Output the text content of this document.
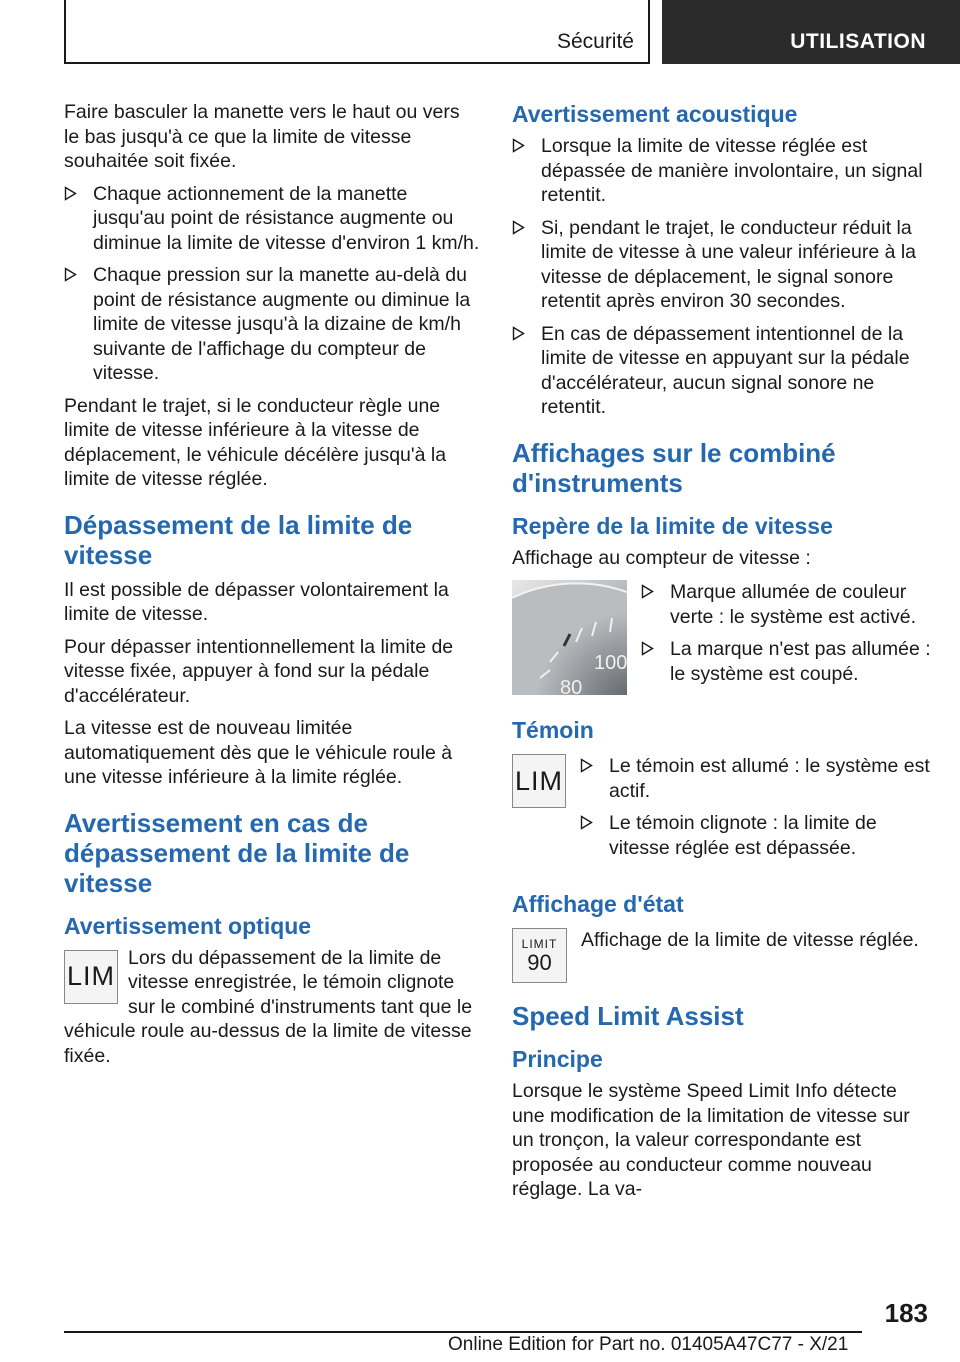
Sécurité	UTILISATION

Faire basculer la manette vers le haut ou vers le bas jusqu'à ce que la limite de vitesse souhaitée soit fixée.

Chaque actionnement de la manette jusqu'au point de résistance augmente ou diminue la limite de vitesse d'environ 1 km/h.
Chaque pression sur la manette au-delà du point de résistance augmente ou diminue la limite de vitesse jusqu'à la dizaine de km/h suivante de l'affichage du compteur de vitesse.

Pendant le trajet, si le conducteur règle une limite de vitesse inférieure à la vitesse de déplacement, le véhicule décélère jusqu'à la limite de vitesse réglée.

Dépassement de la limite de vitesse

Il est possible de dépasser volontairement la limite de vitesse.

Pour dépasser intentionnellement la limite de vitesse fixée, appuyer à fond sur la pédale d'accélérateur.

La vitesse est de nouveau limitée automatiquement dès que le véhicule roule à une vitesse inférieure à la limite réglée.

Avertissement en cas de dépassement de la limite de vitesse
Avertissement optique
LIM

Lors du dépassement de la limite de vitesse enregistrée, le témoin clignote sur le combiné d'instruments tant que le véhicule roule au-dessus de la limite de vitesse fixée.

Avertissement acoustique
Lorsque la limite de vitesse réglée est dépassée de manière involontaire, un signal retentit.
Si, pendant le trajet, le conducteur réduit la limite de vitesse à une valeur inférieure à la vitesse de déplacement, le signal sonore retentit après environ 30 secondes.
En cas de dépassement intentionnel de la limite de vitesse en appuyant sur la pédale d'accélérateur, aucun signal sonore ne retentit.
Affichages sur le combiné d'instruments
Repère de la limite de vitesse

Affichage au compteur de vitesse :

100
80
Marque allumée de couleur verte : le système est activé.
La marque n'est pas allumée : le système est coupé.
Témoin
LIM	Le témoin est allumé : le système est actif.
Le témoin clignote : la limite de vitesse réglée est dépassée.
Affichage d'état
LIMIT
90

Affichage de la limite de vitesse réglée.

Speed Limit Assist
Principe

Lorsque le système Speed Limit Info détecte une modification de la limitation de vitesse sur un tronçon, la valeur correspondante est proposée au conducteur comme nouveau réglage. La va-

183
Online Edition for Part no. 01405A47C77 - X/21
